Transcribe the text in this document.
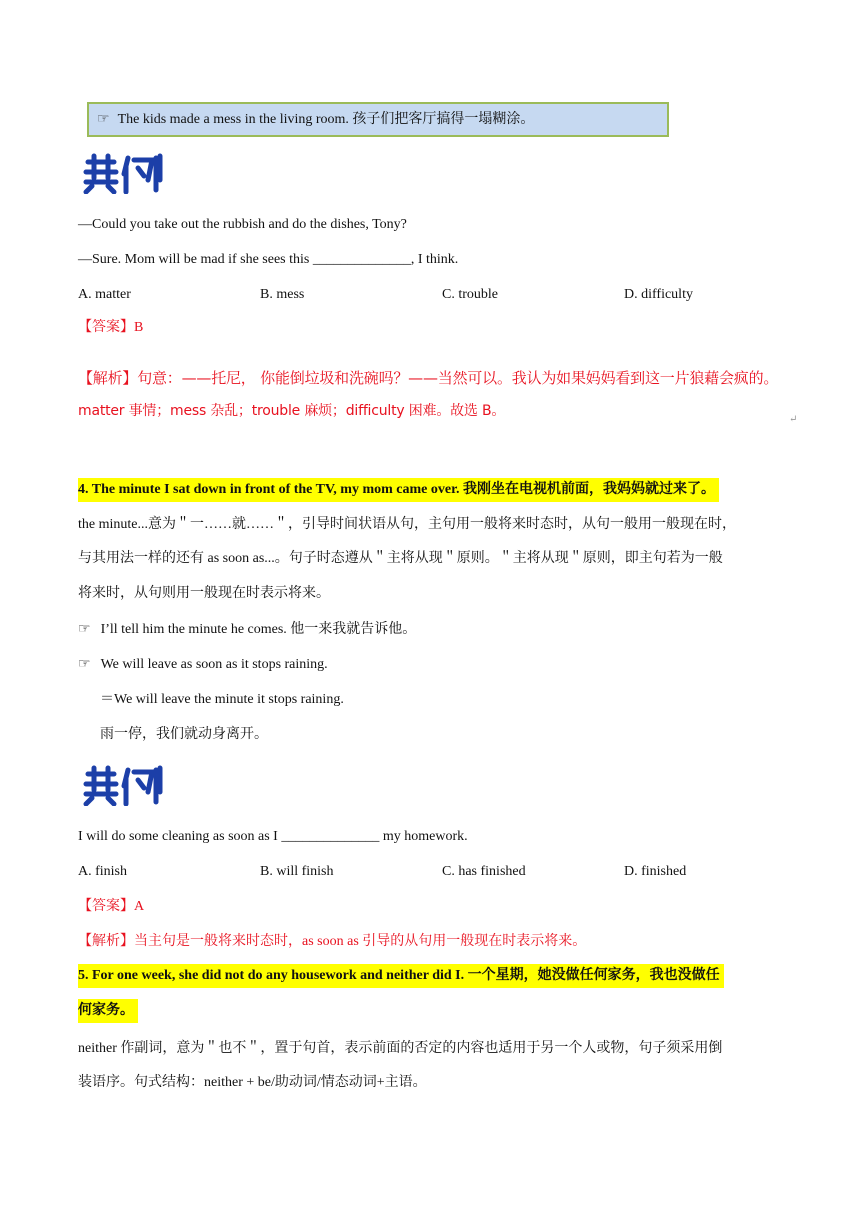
☞ The kids made a mess in the living room. 孩子们把客厅搞得一塌糊涂。
—Could you take out the rubbish and do the dishes, Tony?
—Sure. Mom will be mad if she sees this ______________, I think.
A. matter	B. mess	C. trouble	D. difficulty
【答案】B
【解析】句意：——托尼， 你能倒垃圾和洗碗吗？——当然可以。我认为如果妈妈看到这一片狼藉会疯的。
matter 事情；mess 杂乱；trouble 麻烦；difficulty 困难。故选 B。
↵
4. The minute I sat down in front of the TV, my mom came over. 我刚坐在电视机前面，我妈妈就过来了。
the minute...意为＂一……就……＂，引导时间状语从句，主句用一般将来时态时，从句一般用一般现在时，
与其用法一样的还有 as soon as...。句子时态遵从＂主将从现＂原则。＂主将从现＂原则，即主句若为一般
将来时，从句则用一般现在时表示将来。
☞ I’ll tell him the minute he comes. 他一来我就告诉他。
☞ We will leave as soon as it stops raining.
＝We will leave the minute it stops raining.
雨一停，我们就动身离开。
I will do some cleaning as soon as I ______________ my homework.
A. finish	B. will finish	C. has finished	D. finished
【答案】A
【解析】当主句是一般将来时态时，as soon as 引导的从句用一般现在时表示将来。
5. For one week, she did not do any housework and neither did I. 一个星期，她没做任何家务，我也没做任
何家务。
neither 作副词，意为＂也不＂，置于句首，表示前面的否定的内容也适用于另一个人或物，句子须采用倒
装语序。句式结构：neither + be/助动词/情态动词+主语。
